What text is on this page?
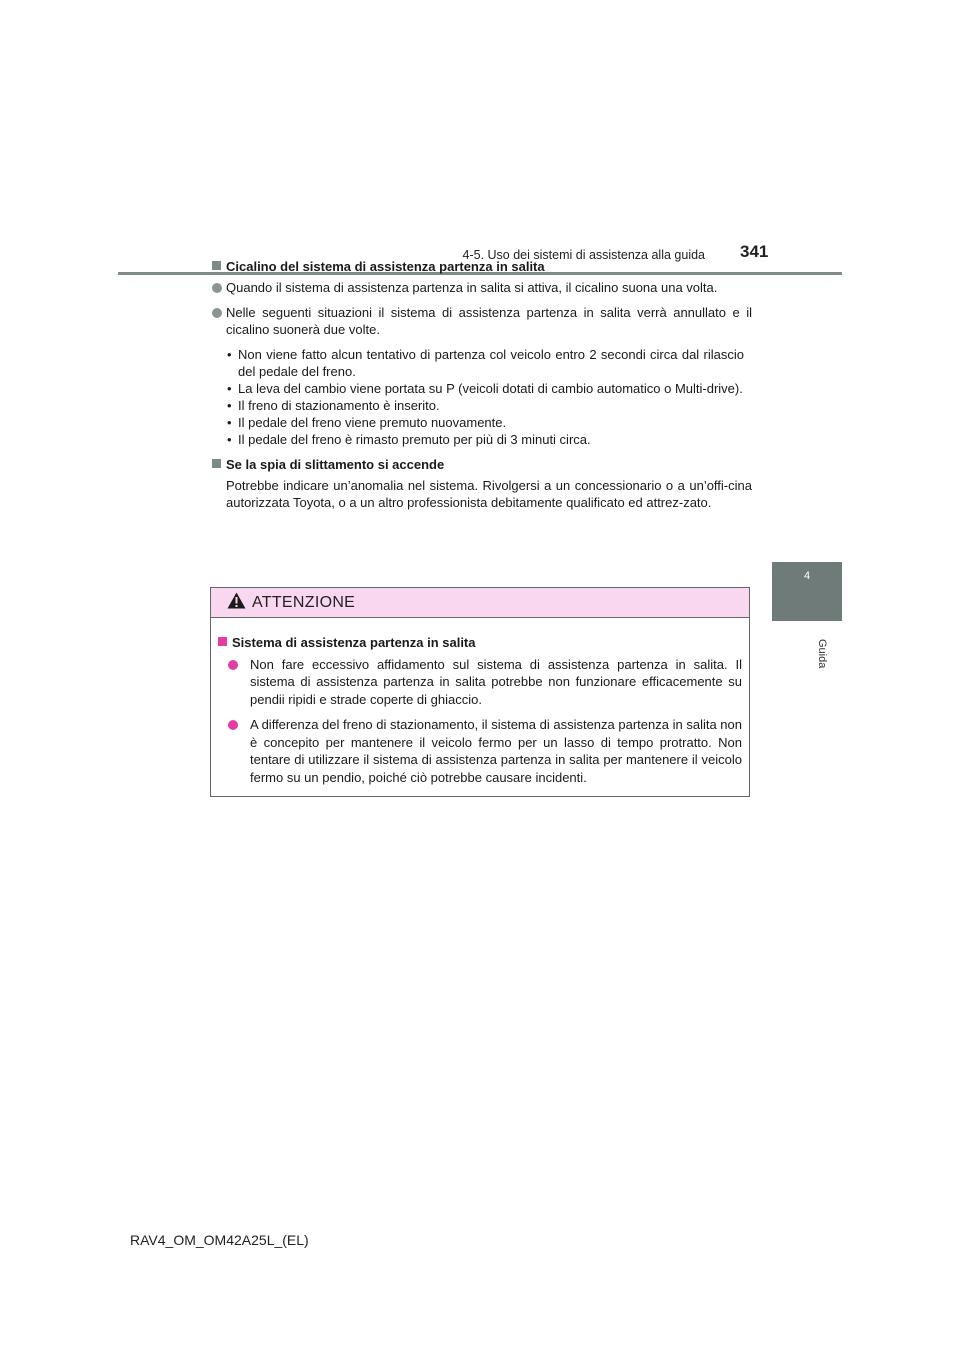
4-5. Uso dei sistemi di assistenza alla guida 341
4
Guida
Cicalino del sistema di assistenza partenza in salita
Quando il sistema di assistenza partenza in salita si attiva, il cicalino suona una volta.
Nelle seguenti situazioni il sistema di assistenza partenza in salita verrà annullato e il cicalino suonerà due volte.
• Non viene fatto alcun tentativo di partenza col veicolo entro 2 secondi circa dal rilascio del pedale del freno.
• La leva del cambio viene portata su P (veicoli dotati di cambio automatico o Multi-drive).
• Il freno di stazionamento è inserito.
• Il pedale del freno viene premuto nuovamente.
• Il pedale del freno è rimasto premuto per più di 3 minuti circa.
Se la spia di slittamento si accende
Potrebbe indicare un’anomalia nel sistema. Rivolgersi a un concessionario o a un’offi-cina autorizzata Toyota, o a un altro professionista debitamente qualificato ed attrez-zato.
ATTENZIONE
Sistema di assistenza partenza in salita
Non fare eccessivo affidamento sul sistema di assistenza partenza in salita. Il sistema di assistenza partenza in salita potrebbe non funzionare efficacemente su pendii ripidi e strade coperte di ghiaccio.
A differenza del freno di stazionamento, il sistema di assistenza partenza in salita non è concepito per mantenere il veicolo fermo per un lasso di tempo protratto. Non tentare di utilizzare il sistema di assistenza partenza in salita per mantenere il veicolo fermo su un pendio, poiché ciò potrebbe causare incidenti.
RAV4_OM_OM42A25L_(EL)
